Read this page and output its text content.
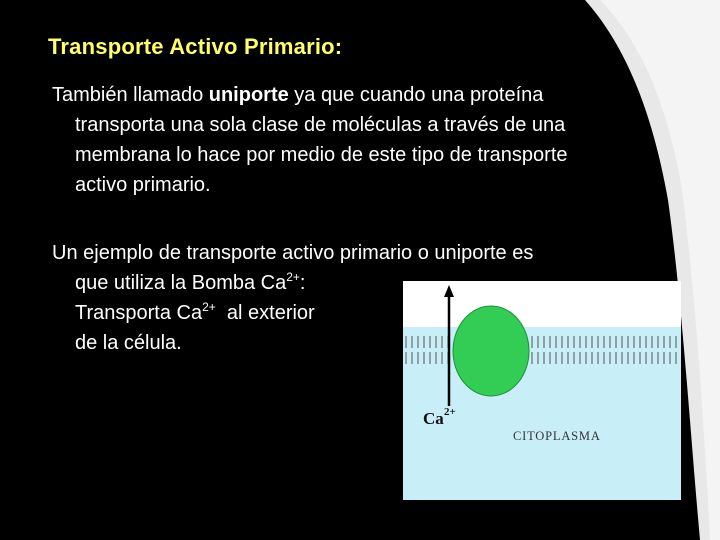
Transporte Activo Primario:
También llamado uniporte ya que cuando una proteína
transporta una sola clase de moléculas a través de una
membrana lo hace por medio de este tipo de transporte
activo primario.
Un ejemplo de transporte activo primario o uniporte es
que utiliza la Bomba $Ca^{2+}$:
Transporta $Ca^{2+}$  al exterior
de la célula.
Ca 2+
CITOPLASMA
